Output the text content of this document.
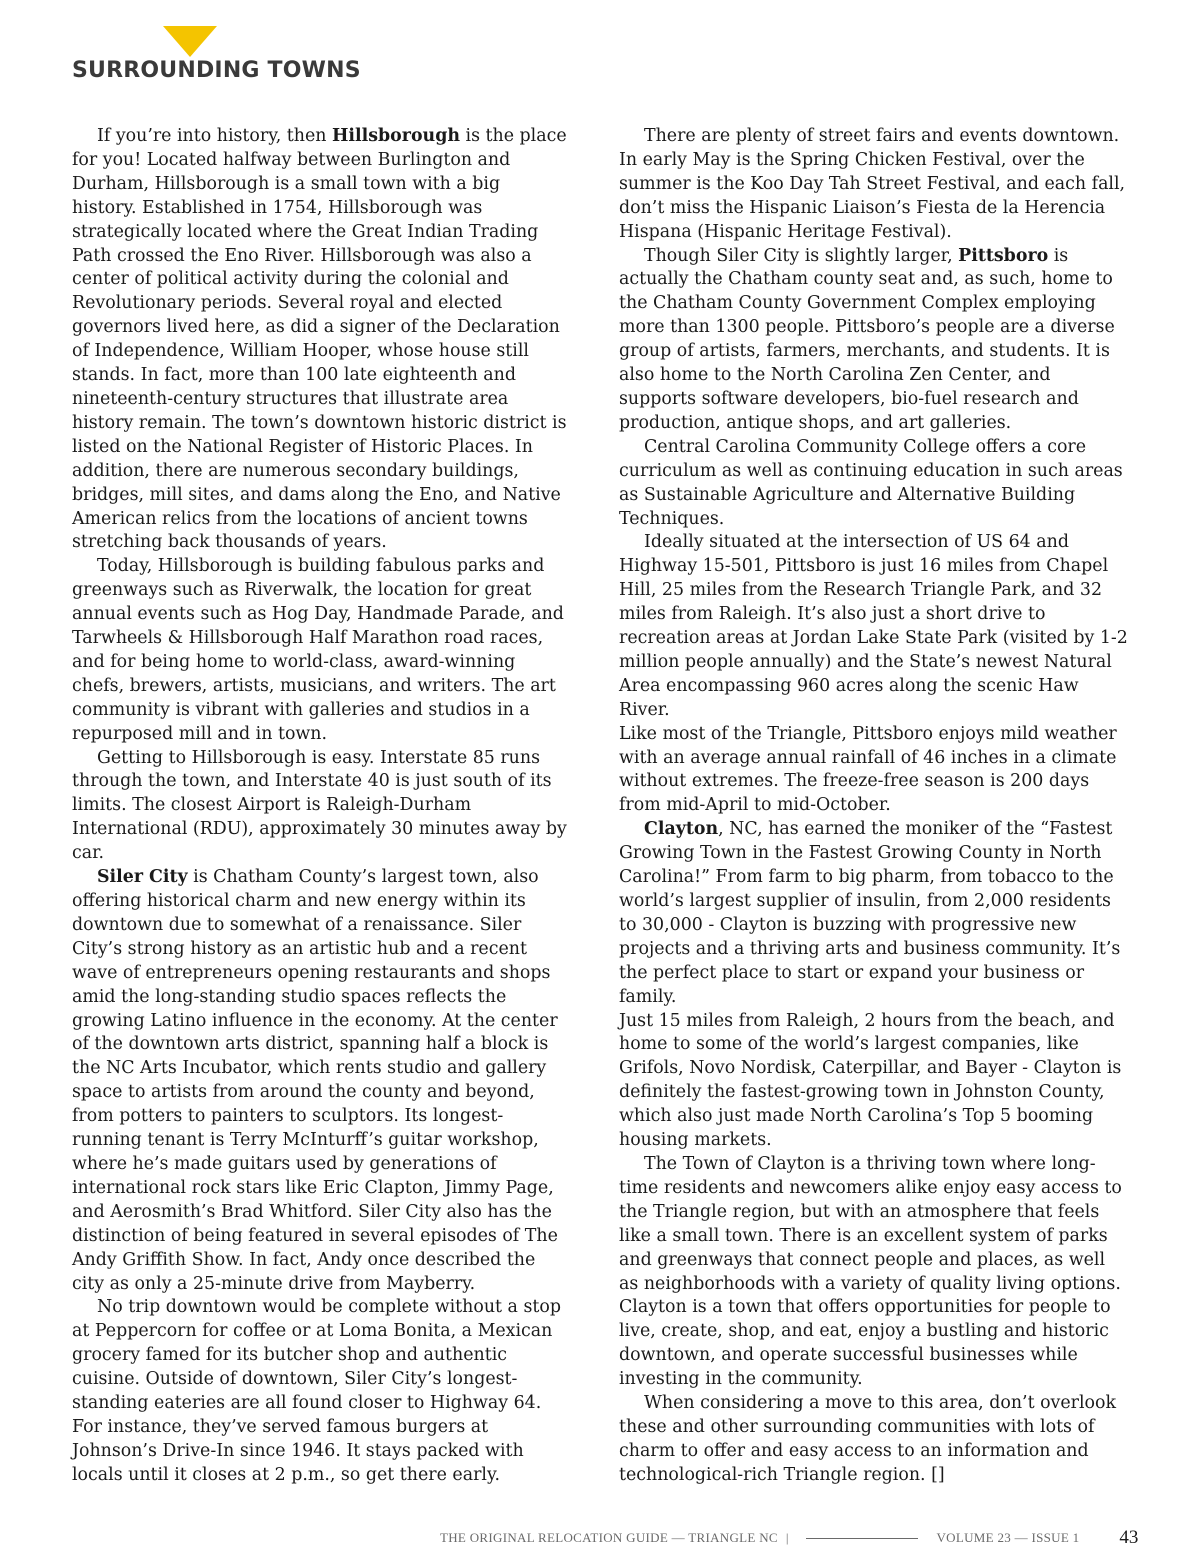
SURROUNDING TOWNS

If you’re into history, then Hillsborough is the place for you! Located halfway between Burlington and Durham, Hillsborough is a small town with a big history. Established in 1754, Hillsborough was strategically located where the Great Indian Trading Path crossed the Eno River. Hillsborough was also a center of political activity during the colonial and Revolutionary periods. Several royal and elected governors lived here, as did a signer of the Declaration of Independence, William Hooper, whose house still stands. In fact, more than 100 late eighteenth and nineteenth-century structures that illustrate area history remain. The town’s downtown historic district is listed on the National Register of Historic Places. In addition, there are numerous secondary buildings, bridges, mill sites, and dams along the Eno, and Native American relics from the locations of ancient towns stretching back thousands of years.

Today, Hillsborough is building fabulous parks and greenways such as Riverwalk, the location for great annual events such as Hog Day, Handmade Parade, and Tarwheels & Hillsborough Half Marathon road races, and for being home to world-class, award-winning chefs, brewers, artists, musicians, and writers. The art community is vibrant with galleries and studios in a repurposed mill and in town.

Getting to Hillsborough is easy. Interstate 85 runs through the town, and Interstate 40 is just south of its limits. The closest Airport is Raleigh-Durham International (RDU), approximately 30 minutes away by car.

Siler City is Chatham County’s largest town, also offering historical charm and new energy within its downtown due to somewhat of a renaissance. Siler City’s strong history as an artistic hub and a recent wave of entrepreneurs opening restaurants and shops amid the long-standing studio spaces reflects the growing Latino influence in the economy. At the center of the downtown arts district, spanning half a block is the NC Arts Incubator, which rents studio and gallery space to artists from around the county and beyond, from potters to painters to sculptors. Its longest-running tenant is Terry McInturff’s guitar workshop, where he’s made guitars used by generations of international rock stars like Eric Clapton, Jimmy Page, and Aerosmith’s Brad Whitford. Siler City also has the distinction of being featured in several episodes of The Andy Griffith Show. In fact, Andy once described the city as only a 25-minute drive from Mayberry.

No trip downtown would be complete without a stop at Peppercorn for coffee or at Loma Bonita, a Mexican grocery famed for its butcher shop and authentic cuisine. Outside of downtown, Siler City’s longest-standing eateries are all found closer to Highway 64. For instance, they’ve served famous burgers at Johnson’s Drive-In since 1946. It stays packed with locals until it closes at 2 p.m., so get there early.

There are plenty of street fairs and events downtown. In early May is the Spring Chicken Festival, over the summer is the Koo Day Tah Street Festival, and each fall, don’t miss the Hispanic Liaison’s Fiesta de la Herencia Hispana (Hispanic Heritage Festival).

Though Siler City is slightly larger, Pittsboro is actually the Chatham county seat and, as such, home to the Chatham County Government Complex employing more than 1300 people. Pittsboro’s people are a diverse group of artists, farmers, merchants, and students. It is also home to the North Carolina Zen Center, and supports software developers, bio-fuel research and production, antique shops, and art galleries.

Central Carolina Community College offers a core curriculum as well as continuing education in such areas as Sustainable Agriculture and Alternative Building Techniques.

Ideally situated at the intersection of US 64 and Highway 15-501, Pittsboro is just 16 miles from Chapel Hill, 25 miles from the Research Triangle Park, and 32 miles from Raleigh. It’s also just a short drive to recreation areas at Jordan Lake State Park (visited by 1-2 million people annually) and the State’s newest Natural Area encompassing 960 acres along the scenic Haw River.

Like most of the Triangle, Pittsboro enjoys mild weather with an average annual rainfall of 46 inches in a climate without extremes. The freeze-free season is 200 days from mid-April to mid-October.

Clayton, NC, has earned the moniker of the “Fastest Growing Town in the Fastest Growing County in North Carolina!” From farm to big pharm, from tobacco to the world’s largest supplier of insulin, from 2,000 residents to 30,000 - Clayton is buzzing with progressive new projects and a thriving arts and business community. It’s the perfect place to start or expand your business or family.

Just 15 miles from Raleigh, 2 hours from the beach, and home to some of the world’s largest companies, like Grifols, Novo Nordisk, Caterpillar, and Bayer - Clayton is definitely the fastest-growing town in Johnston County, which also just made North Carolina’s Top 5 booming housing markets.

The Town of Clayton is a thriving town where long-time residents and newcomers alike enjoy easy access to the Triangle region, but with an atmosphere that feels like a small town. There is an excellent system of parks and greenways that connect people and places, as well as neighborhoods with a variety of quality living options. Clayton is a town that offers opportunities for people to live, create, shop, and eat, enjoy a bustling and historic downtown, and operate successful businesses while investing in the community.

When considering a move to this area, don’t overlook these and other surrounding communities with lots of charm to offer and easy access to an information and technological-rich Triangle region. []

THE ORIGINAL RELOCATION GUIDE — TRIANGLE NC |	VOLUME 23 — ISSUE 1 43
